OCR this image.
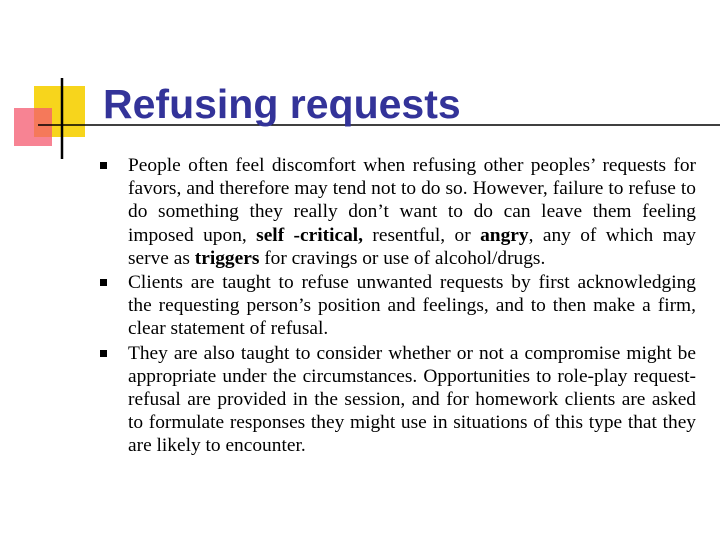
Refusing requests
People often feel discomfort when refusing other peoples’ requests for favors, and therefore may tend not to do so. However, failure to refuse to do something they really don’t want to do can leave them feeling imposed upon, self -critical, resentful, or angry, any of which may serve as triggers for cravings or use of alcohol/drugs.
Clients are taught to refuse unwanted requests by first acknowledging the requesting person’s position and feelings, and to then make a firm, clear statement of refusal.
They are also taught to consider whether or not a compromise might be appropriate under the circumstances. Opportunities to role-play request-refusal are provided in the session, and for homework clients are asked to formulate responses they might use in situations of this type that they are likely to encounter.
